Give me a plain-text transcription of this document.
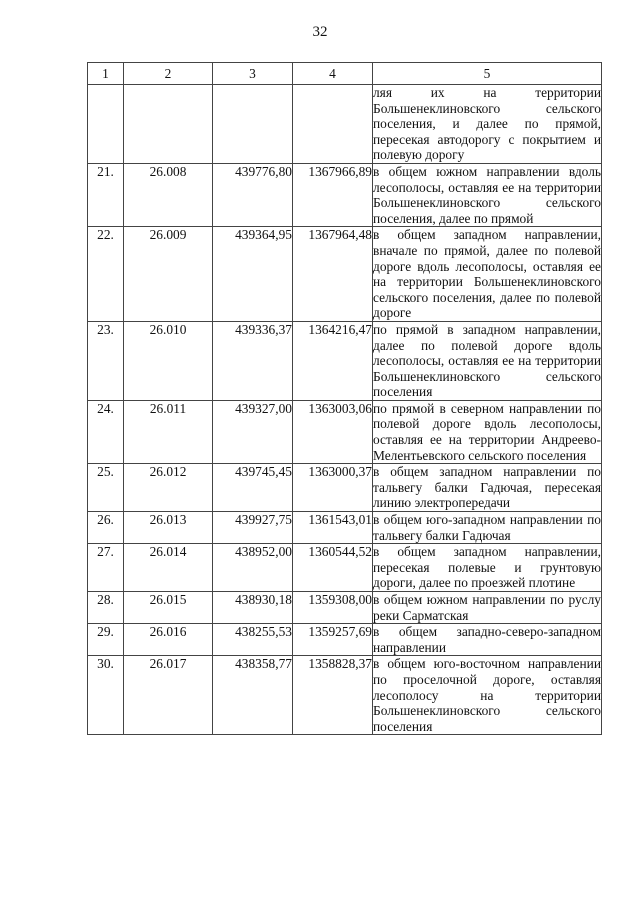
32
1	2	3	4	5
				ляя их на территории Большенеклиновского сельского поселения, и далее по прямой, пересекая автодорогу с покрытием и полевую дорогу
21.	26.008	439776,80	1367966,89	в общем южном направлении вдоль лесополосы, оставляя ее на территории Большенеклиновского сельского поселения, далее по прямой
22.	26.009	439364,95	1367964,48	в общем западном направлении, вначале по прямой, далее по полевой дороге вдоль лесополосы, оставляя ее на территории Большенеклиновского сельского поселения, далее по полевой дороге
23.	26.010	439336,37	1364216,47	по прямой в западном направлении, далее по полевой дороге вдоль лесополосы, оставляя ее на территории Большенеклиновского сельского поселения
24.	26.011	439327,00	1363003,06	по прямой в северном направлении по полевой дороге вдоль лесополосы, оставляя ее на территории Андреево-Мелентьевского сельского поселения
25.	26.012	439745,45	1363000,37	в общем западном направлении по тальвегу балки Гадючая, пересекая линию электропередачи
26.	26.013	439927,75	1361543,01	в общем юго-западном направлении по тальвегу балки Гадючая
27.	26.014	438952,00	1360544,52	в общем западном направлении, пересекая полевые и грунтовую дороги, далее по проезжей плотине
28.	26.015	438930,18	1359308,00	в общем южном направлении по руслу реки Сарматская
29.	26.016	438255,53	1359257,69	в общем западно-северо-западном направлении
30.	26.017	438358,77	1358828,37	в общем юго-восточном направлении по проселочной дороге, оставляя лесополосу на территории Большенеклиновского сельского поселения
